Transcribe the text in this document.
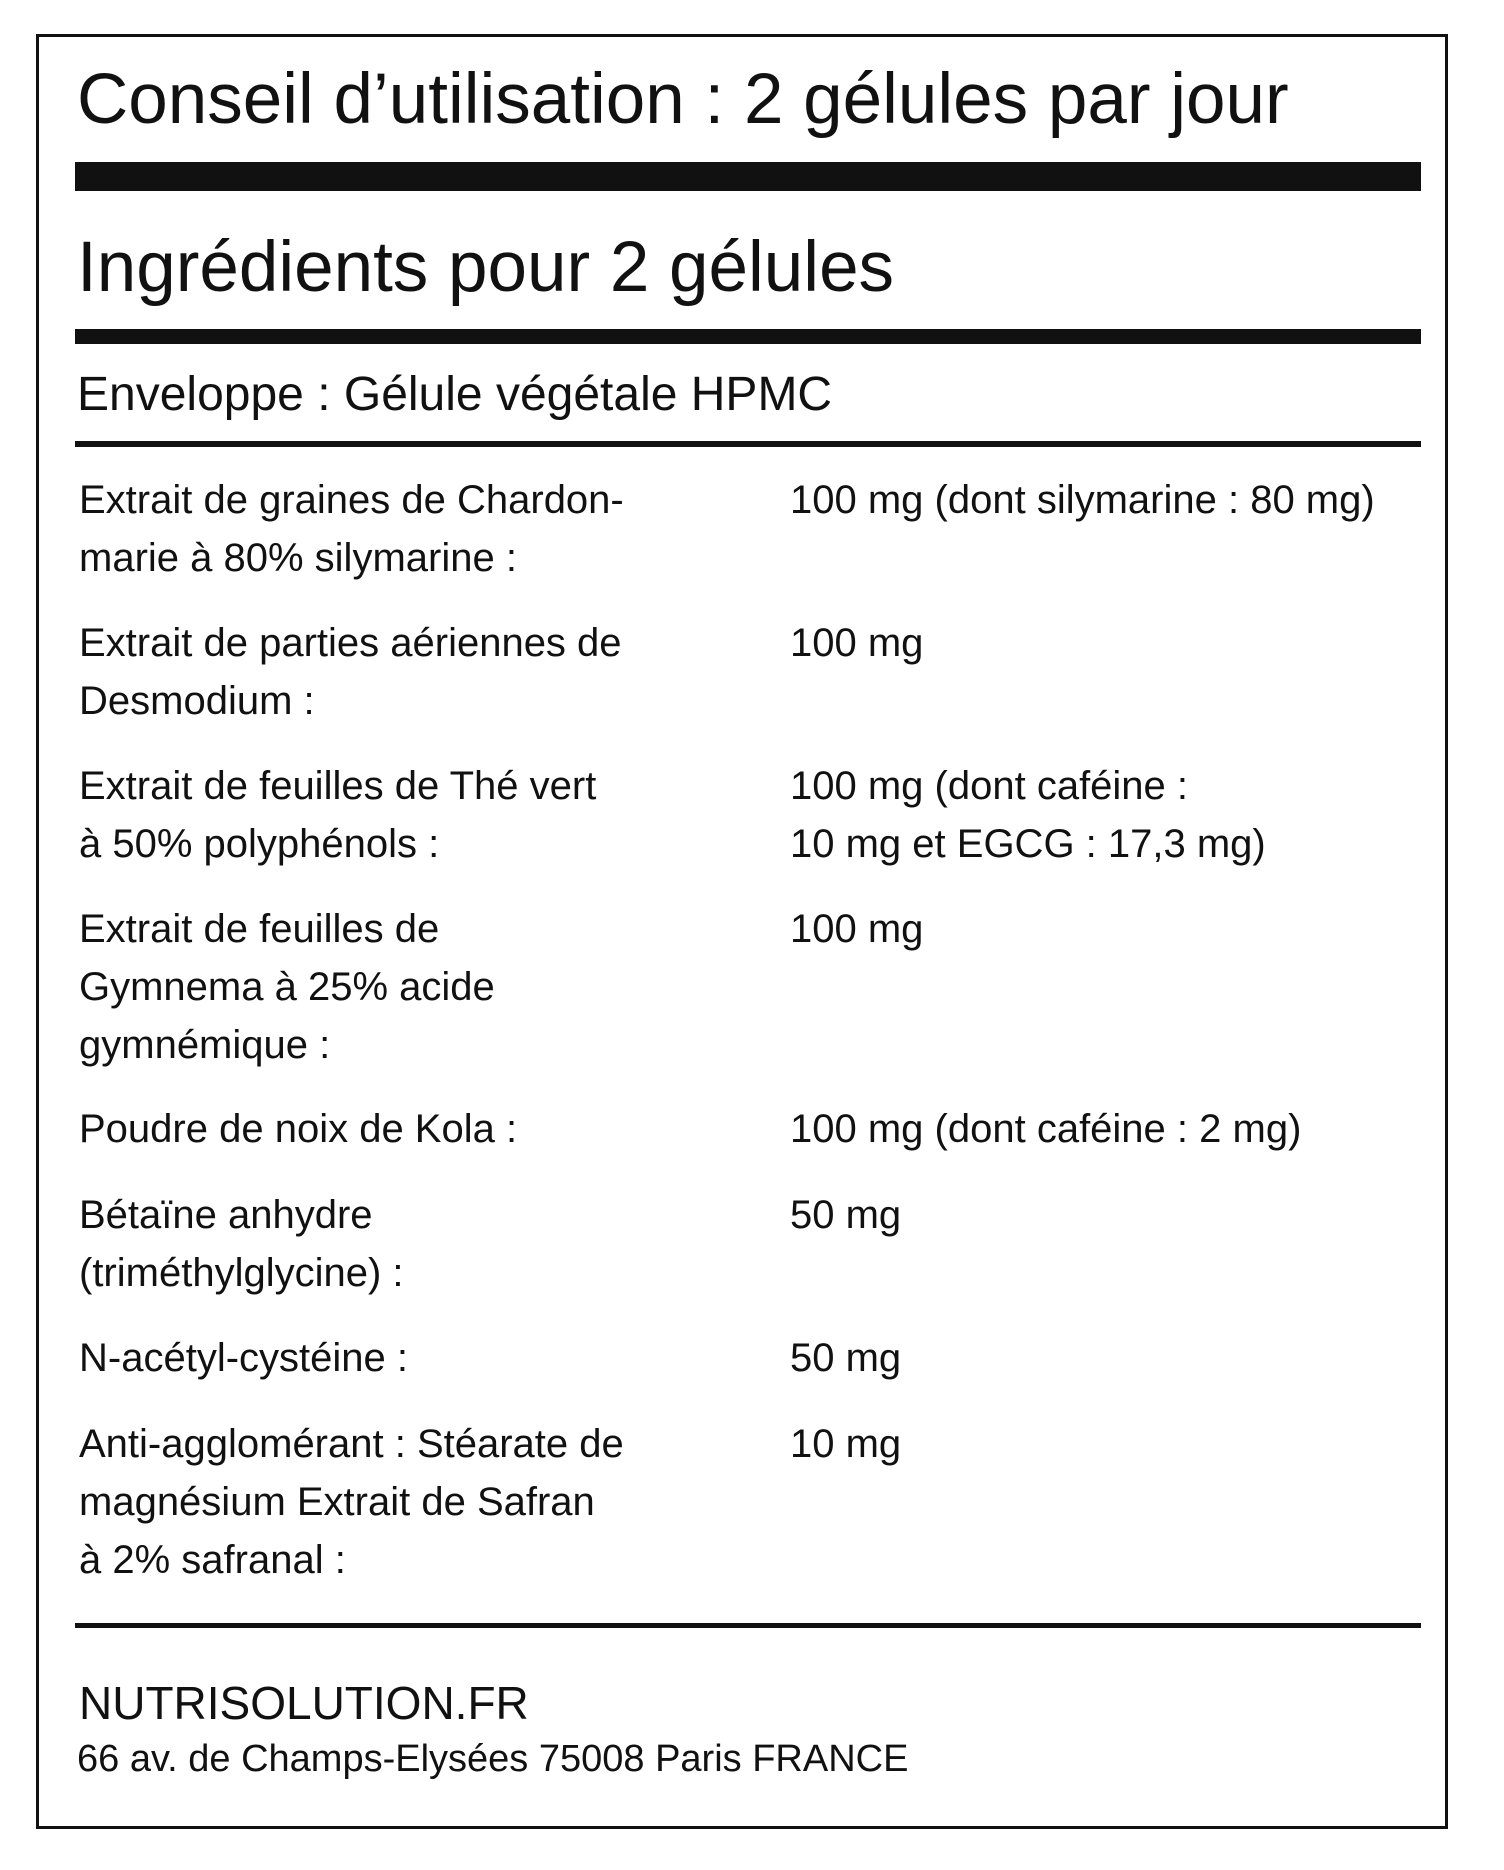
Conseil d’utilisation : 2 gélules par jour
Ingrédients pour 2 gélules
Enveloppe : Gélule végétale HPMC
Extrait de graines de Chardon-
marie à 80% silymarine :
100 mg (dont silymarine : 80 mg)
Extrait de parties aériennes de
Desmodium :
100 mg
Extrait de feuilles de Thé vert
à 50% polyphénols :
100 mg (dont caféine :
10 mg et EGCG : 17,3 mg)
Extrait de feuilles de
Gymnema à 25% acide
gymnémique :
100 mg
Poudre de noix de Kola :	100 mg (dont caféine : 2 mg)
Bétaïne anhydre
(triméthylglycine) :
50 mg
N-acétyl-cystéine :	50 mg
Anti-agglomérant : Stéarate de
magnésium Extrait de Safran
à 2% safranal :
10 mg
NUTRISOLUTION.FR
66 av. de Champs-Elysées 75008 Paris FRANCE
